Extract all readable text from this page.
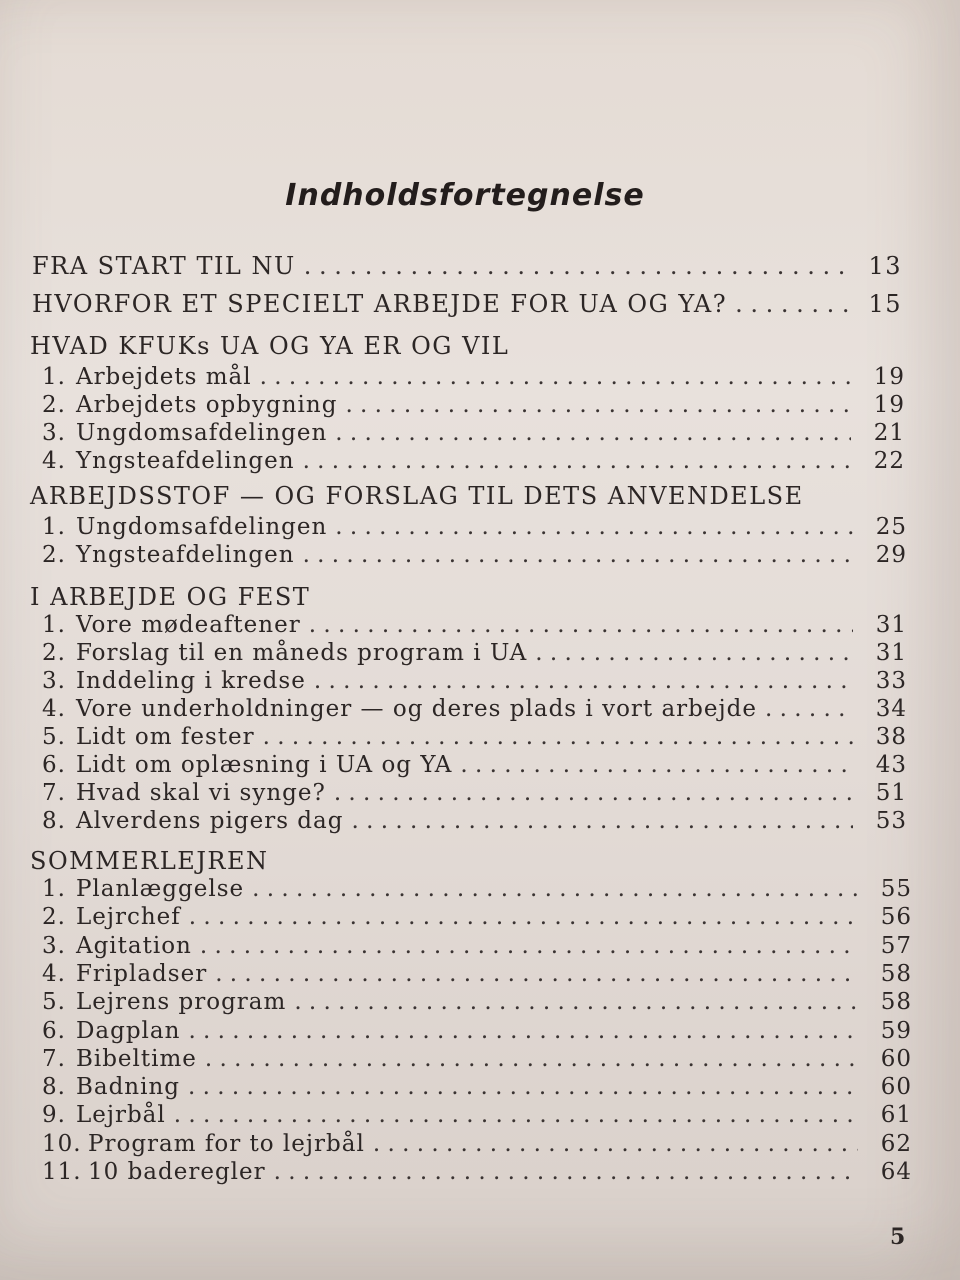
Indholdsfortegnelse
FRA START TIL NU . . .	13
HVORFOR ET SPECIELT ARBEJDE FOR UA OG YA? . . .	15
HVAD KFUKs UA OG YA ER OG VIL
1. Arbejdets mål . . .	19
2. Arbejdets opbygning . . .	19
3. Ungdomsafdelingen . . .	21
4. Yngsteafdelingen . . .	22
ARBEJDSSTOF — OG FORSLAG TIL DETS ANVENDELSE
1. Ungdomsafdelingen . . .	25
2. Yngsteafdelingen . . .	29
I ARBEJDE OG FEST
1. Vore mødeaftener . . .	31
2. Forslag til en måneds program i UA . . .	31
3. Inddeling i kredse . . .	33
4. Vore underholdninger — og deres plads i vort arbejde . . .	34
5. Lidt om fester . . .	38
6. Lidt om oplæsning i UA og YA . . .	43
7. Hvad skal vi synge? . . .	51
8. Alverdens pigers dag . . .	53
SOMMERLEJREN
1. Planlæggelse . . .	55
2. Lejrchef . . .	56
3. Agitation . . .	57
4. Fripladser . . .	58
5. Lejrens program . . .	58
6. Dagplan . . .	59
7. Bibeltime . . .	60
8. Badning . . .	60
9. Lejrbål . . .	61
10. Program for to lejrbål . . .	62
11. 10 baderegler . . .	64
5
